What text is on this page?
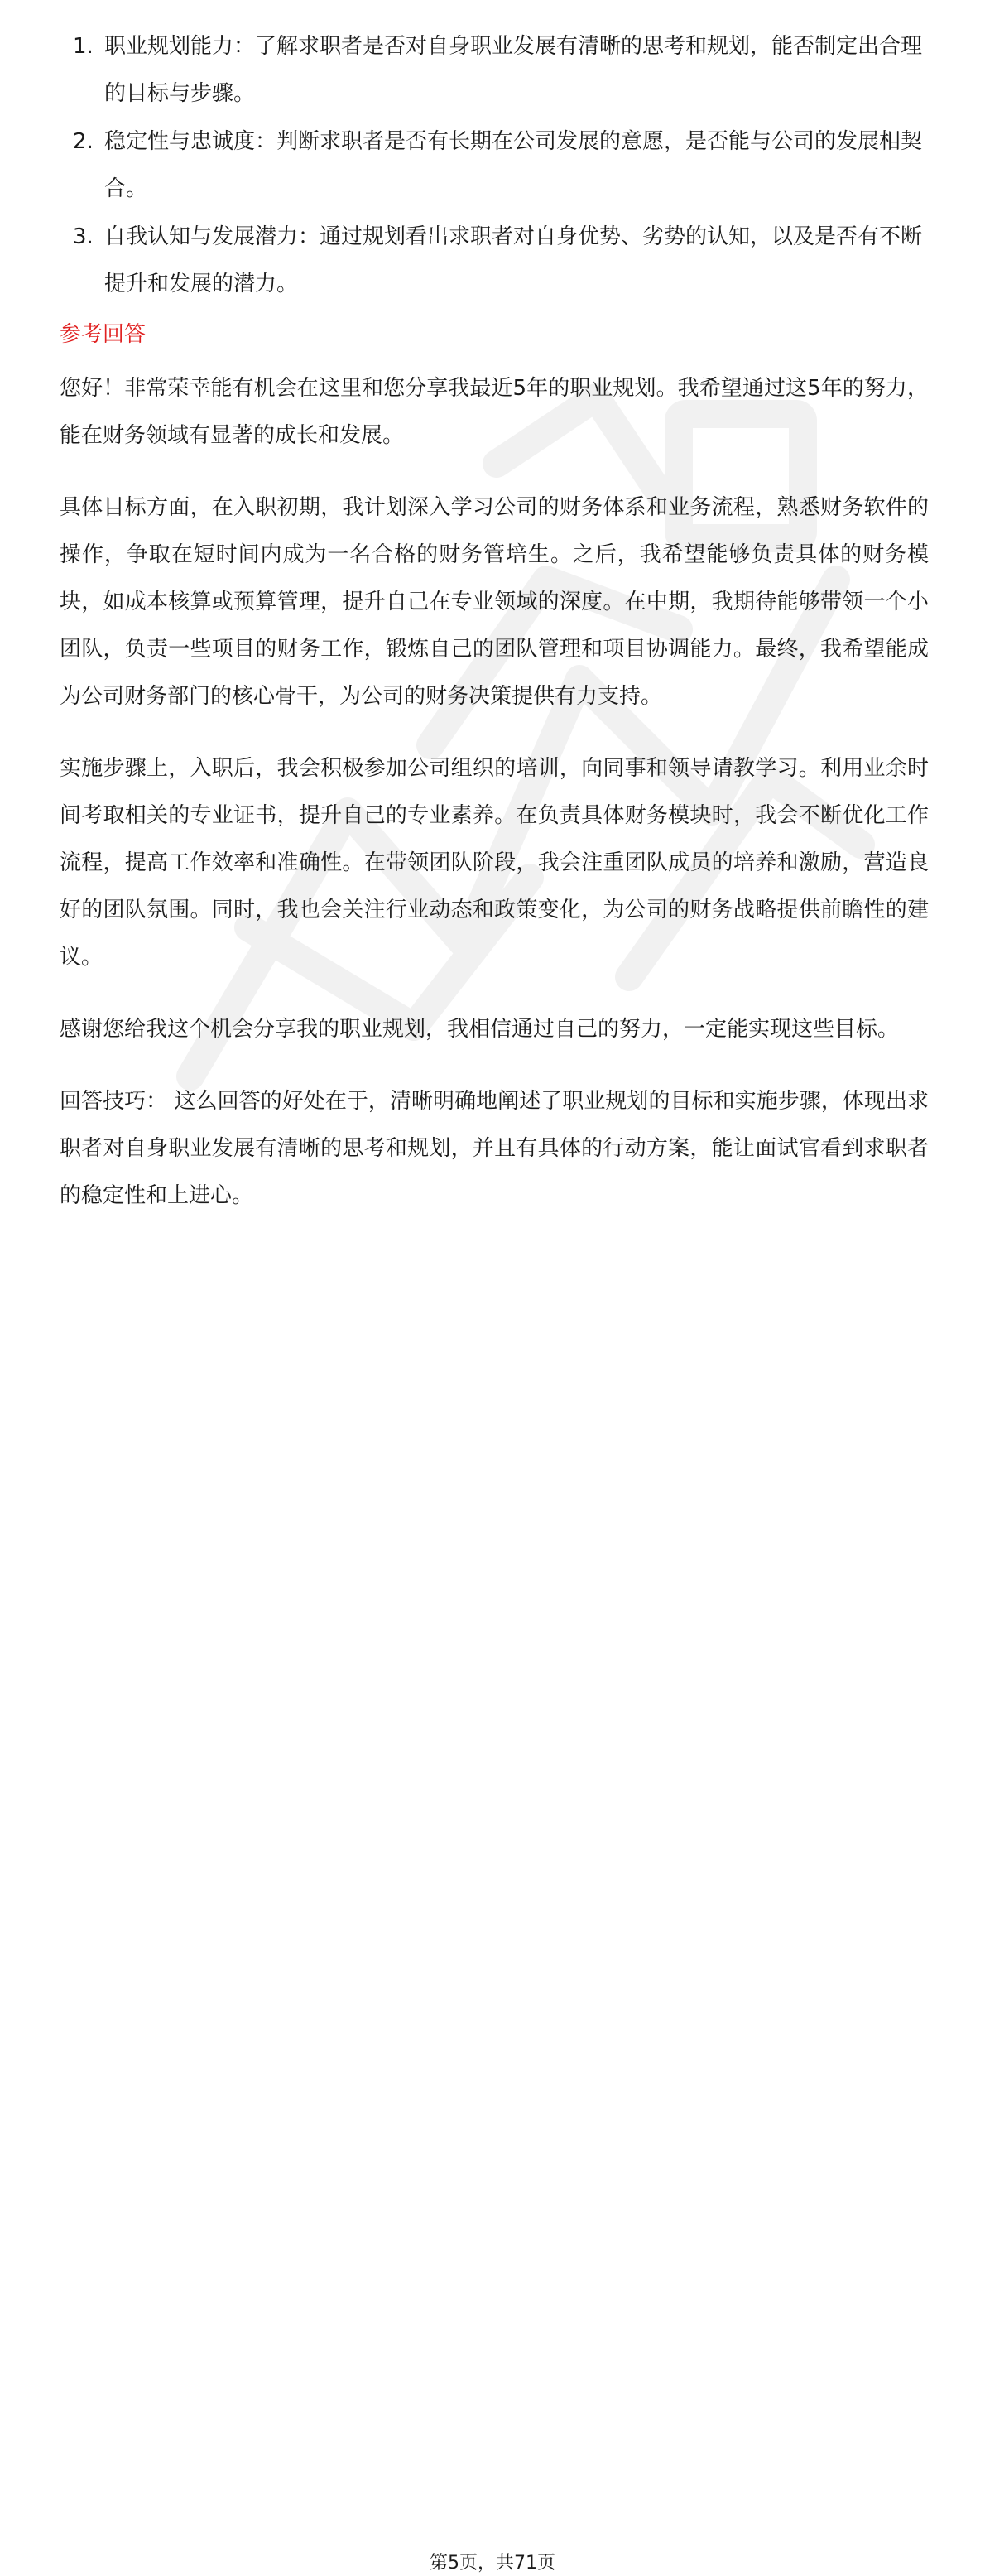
1. 职业规划能力：了解求职者是否对自身职业发展有清晰的思考和规划，能否制定出合理的目标与步骤。
2. 稳定性与忠诚度：判断求职者是否有长期在公司发展的意愿，是否能与公司的发展相契合。
3. 自我认知与发展潜力：通过规划看出求职者对自身优势、劣势的认知，以及是否有不断提升和发展的潜力。
参考回答

您好！非常荣幸能有机会在这里和您分享我最近5年的职业规划。我希望通过这5年的努力，能在财务领域有显著的成长和发展。

具体目标方面，在入职初期，我计划深入学习公司的财务体系和业务流程，熟悉财务软件的操作，争取在短时间内成为一名合格的财务管培生。之后，我希望能够负责具体的财务模块，如成本核算或预算管理，提升自己在专业领域的深度。在中期，我期待能够带领一个小团队，负责一些项目的财务工作，锻炼自己的团队管理和项目协调能力。最终，我希望能成为公司财务部门的核心骨干，为公司的财务决策提供有力支持。

实施步骤上，入职后，我会积极参加公司组织的培训，向同事和领导请教学习。利用业余时间考取相关的专业证书，提升自己的专业素养。在负责具体财务模块时，我会不断优化工作流程，提高工作效率和准确性。在带领团队阶段，我会注重团队成员的培养和激励，营造良好的团队氛围。同时，我也会关注行业动态和政策变化，为公司的财务战略提供前瞻性的建议。

感谢您给我这个机会分享我的职业规划，我相信通过自己的努力，一定能实现这些目标。

回答技巧： 这么回答的好处在于，清晰明确地阐述了职业规划的目标和实施步骤，体现出求职者对自身职业发展有清晰的思考和规划，并且有具体的行动方案，能让面试官看到求职者的稳定性和上进心。

第5页，共71页
